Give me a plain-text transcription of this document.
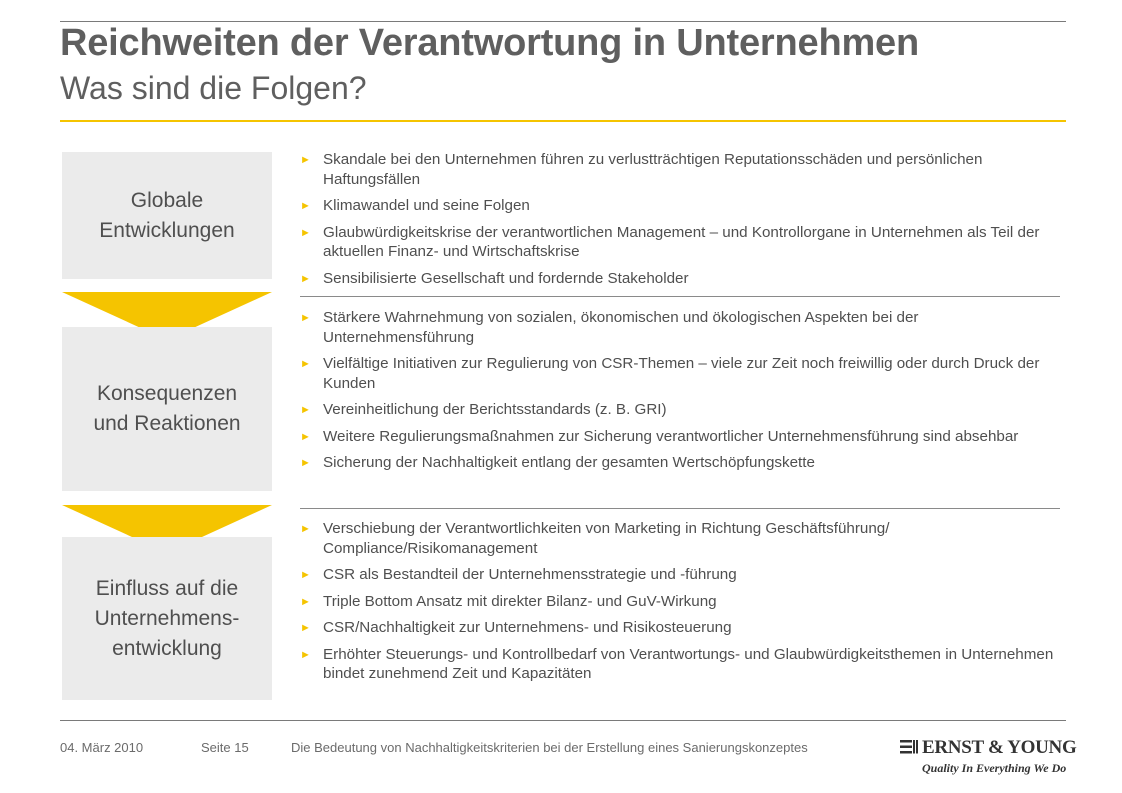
Reichweiten der Verantwortung in Unternehmen
Was sind die Folgen?
Globale
Entwicklungen
Konsequenzen
und Reaktionen
Einfluss auf die
Unternehmens-
entwicklung
► Skandale bei den Unternehmen führen zu verlustträchtigen Reputationsschäden und persönlichen Haftungsfällen
► Klimawandel und seine Folgen
► Glaubwürdigkeitskrise der verantwortlichen Management – und Kontrollorgane in Unternehmen als Teil der aktuellen Finanz- und Wirtschaftskrise
► Sensibilisierte Gesellschaft und fordernde Stakeholder
► Stärkere Wahrnehmung von sozialen, ökonomischen und ökologischen Aspekten bei der Unternehmensführung
► Vielfältige Initiativen zur Regulierung von CSR-Themen – viele zur Zeit noch freiwillig oder durch Druck der Kunden
► Vereinheitlichung der Berichtsstandards (z. B. GRI)
► Weitere Regulierungsmaßnahmen zur Sicherung verantwortlicher Unternehmensführung sind absehbar
► Sicherung der Nachhaltigkeit entlang der gesamten Wertschöpfungskette
► Verschiebung der Verantwortlichkeiten von Marketing in Richtung Geschäftsführung/ Compliance/Risikomanagement
► CSR als Bestandteil der Unternehmensstrategie und -führung
► Triple Bottom Ansatz mit direkter Bilanz- und GuV-Wirkung
► CSR/Nachhaltigkeit zur Unternehmens- und Risikosteuerung
► Erhöhter Steuerungs- und Kontrollbedarf von Verantwortungs- und Glaubwürdigkeitsthemen in Unternehmen bindet zunehmend Zeit und Kapazitäten
04. März 2010	Seite 15	Die Bedeutung von Nachhaltigkeitskriterien bei der Erstellung eines Sanierungskonzeptes	ERNST & YOUNG
Quality In Everything We Do
